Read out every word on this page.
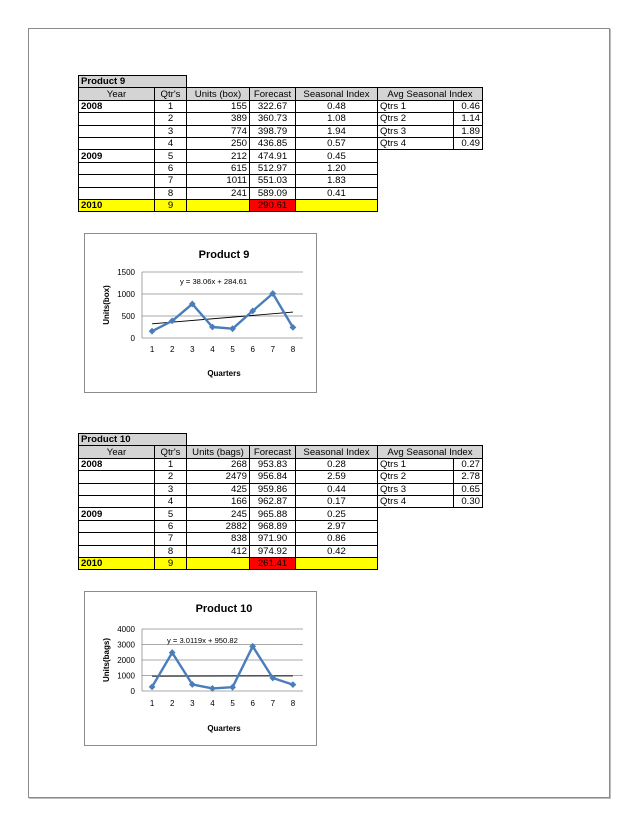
Product 9						
Year	Qtr's	Units (box)	Forecast	Seasonal Index	Avg Seasonal Index	
2008	1	155	322.67	0.48	Qtrs 1	0.46
	2	389	360.73	1.08	Qtrs 2	1.14
	3	774	398.79	1.94	Qtrs 3	1.89
	4	250	436.85	0.57	Qtrs 4	0.49
2009	5	212	474.91	0.45		
	6	615	512.97	1.20		
	7	1011	551.03	1.83		
	8	241	589.09	0.41		
2010	9		290.61			
Product 9
0
500
1000
1500
1 2 3 4 5 6 7 8
Units(box)
Quarters
y = 38.06x + 284.61
Product 10						
Year	Qtr's	Units (bags)	Forecast	Seasonal Index	Avg Seasonal Index	
2008	1	268	953.83	0.28	Qtrs 1	0.27
	2	2479	956.84	2.59	Qtrs 2	2.78
	3	425	959.86	0.44	Qtrs 3	0.65
	4	166	962.87	0.17	Qtrs 4	0.30
2009	5	245	965.88	0.25		
	6	2882	968.89	2.97		
	7	838	971.90	0.86		
	8	412	974.92	0.42		
2010	9		261.41			
Product 10
0
1000
2000
3000
4000
1 2 3 4 5 6 7 8
Units(bags)
Quarters
y = 3.0119x + 950.82
